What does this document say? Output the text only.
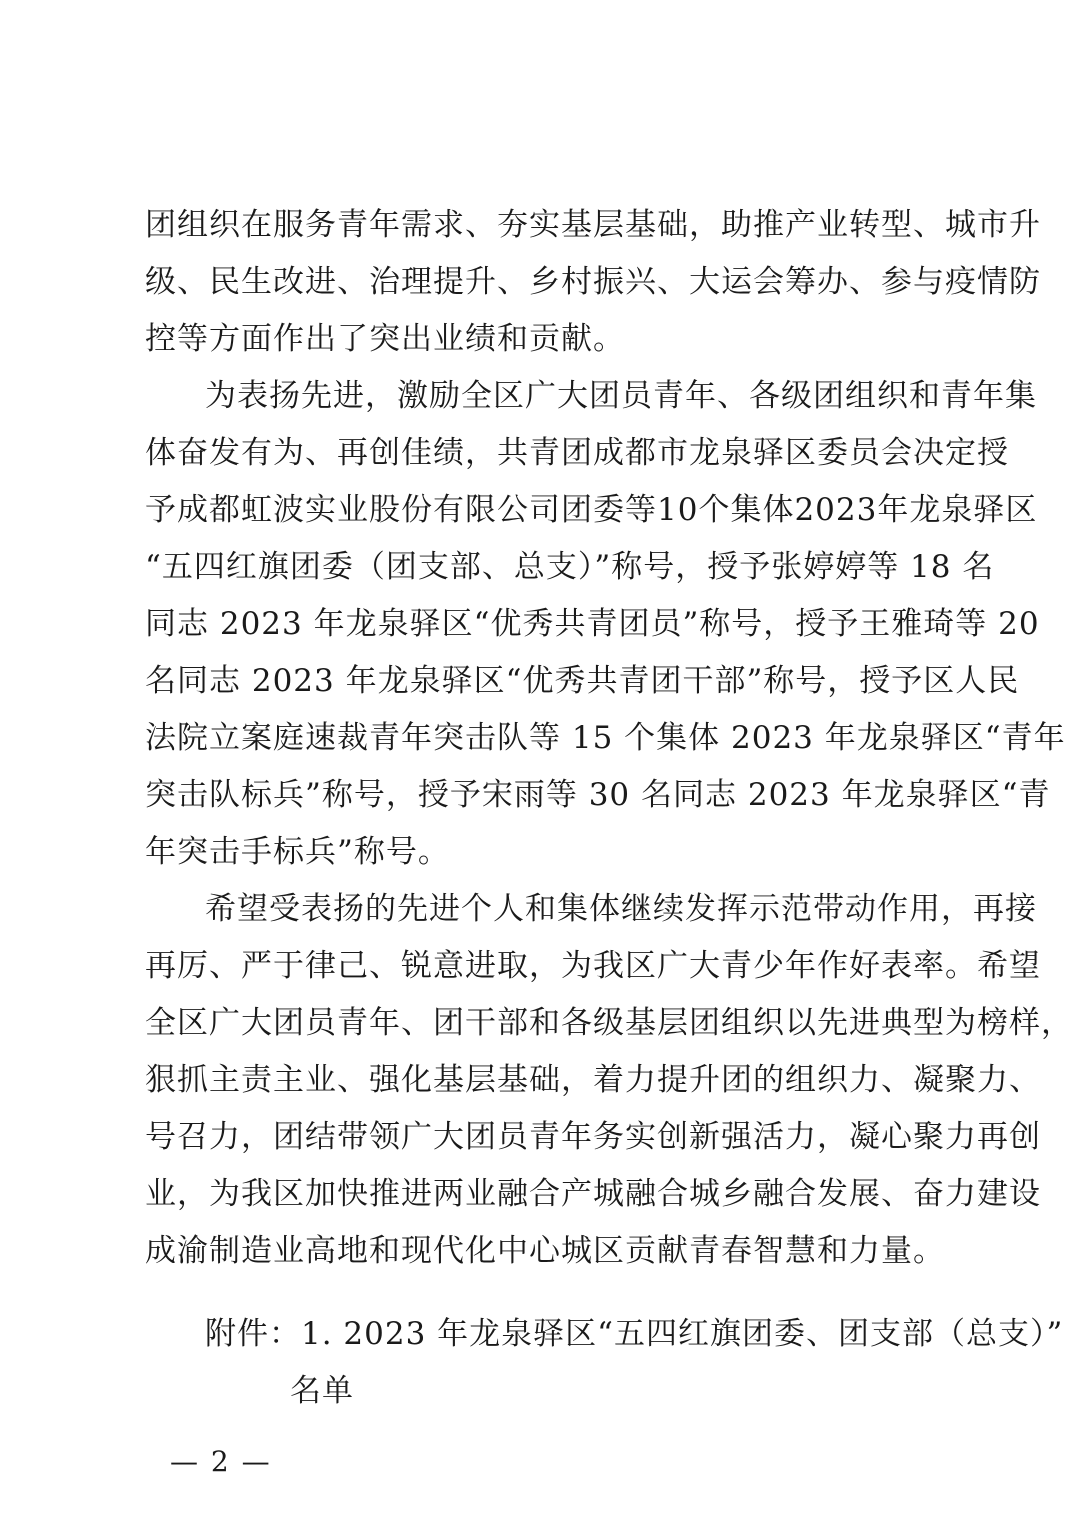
团组织在服务青年需求、夯实基层基础，助推产业转型、城市升
级、民生改进、治理提升、乡村振兴、大运会筹办、参与疫情防
控等方面作出了突出业绩和贡献。
为表扬先进，激励全区广大团员青年、各级团组织和青年集
体奋发有为、再创佳绩，共青团成都市龙泉驿区委员会决定授
予成都虹波实业股份有限公司团委等10个集体2023年龙泉驿区
“五四红旗团委（团支部、总支）”称号，授予张婷婷等 18 名
同志 2023 年龙泉驿区“优秀共青团员”称号，授予王雅琦等 20
名同志 2023 年龙泉驿区“优秀共青团干部”称号，授予区人民
法院立案庭速裁青年突击队等 15 个集体 2023 年龙泉驿区“青年
突击队标兵”称号，授予宋雨等 30 名同志 2023 年龙泉驿区“青
年突击手标兵”称号。
希望受表扬的先进个人和集体继续发挥示范带动作用，再接
再厉、严于律己、锐意进取，为我区广大青少年作好表率。希望
全区广大团员青年、团干部和各级基层团组织以先进典型为榜样，
狠抓主责主业、强化基层基础，着力提升团的组织力、凝聚力、
号召力，团结带领广大团员青年务实创新强活力，凝心聚力再创
业，为我区加快推进两业融合产城融合城乡融合发展、奋力建设
成渝制造业高地和现代化中心城区贡献青春智慧和力量。
附件：1. 2023 年龙泉驿区“五四红旗团委、团支部（总支）”
名单
— 2 —
